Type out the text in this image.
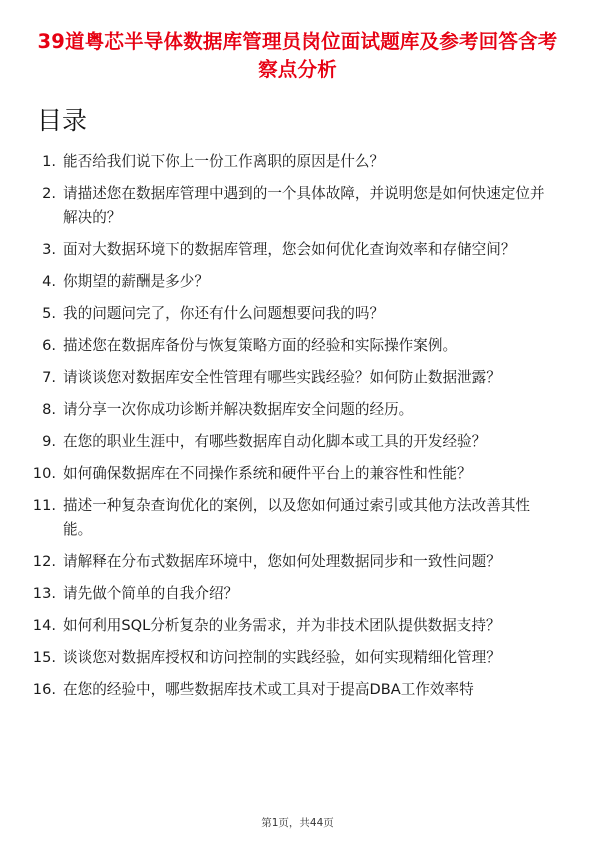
39道粤芯半导体数据库管理员岗位面试题库及参考回答含考察点分析
目录
1. 能否给我们说下你上一份工作离职的原因是什么？
2. 请描述您在数据库管理中遇到的一个具体故障，并说明您是如何快速定位并解决的？
3. 面对大数据环境下的数据库管理，您会如何优化查询效率和存储空间？
4. 你期望的薪酬是多少？
5. 我的问题问完了，你还有什么问题想要问我的吗？
6. 描述您在数据库备份与恢复策略方面的经验和实际操作案例。
7. 请谈谈您对数据库安全性管理有哪些实践经验？如何防止数据泄露？
8. 请分享一次你成功诊断并解决数据库安全问题的经历。
9. 在您的职业生涯中，有哪些数据库自动化脚本或工具的开发经验？
10. 如何确保数据库在不同操作系统和硬件平台上的兼容性和性能？
11. 描述一种复杂查询优化的案例，以及您如何通过索引或其他方法改善其性能。
12. 请解释在分布式数据库环境中，您如何处理数据同步和一致性问题？
13. 请先做个简单的自我介绍？
14. 如何利用SQL分析复杂的业务需求，并为非技术团队提供数据支持？
15. 谈谈您对数据库授权和访问控制的实践经验，如何实现精细化管理？
16. 在您的经验中，哪些数据库技术或工具对于提高DBA工作效率特
第1页，共44页
